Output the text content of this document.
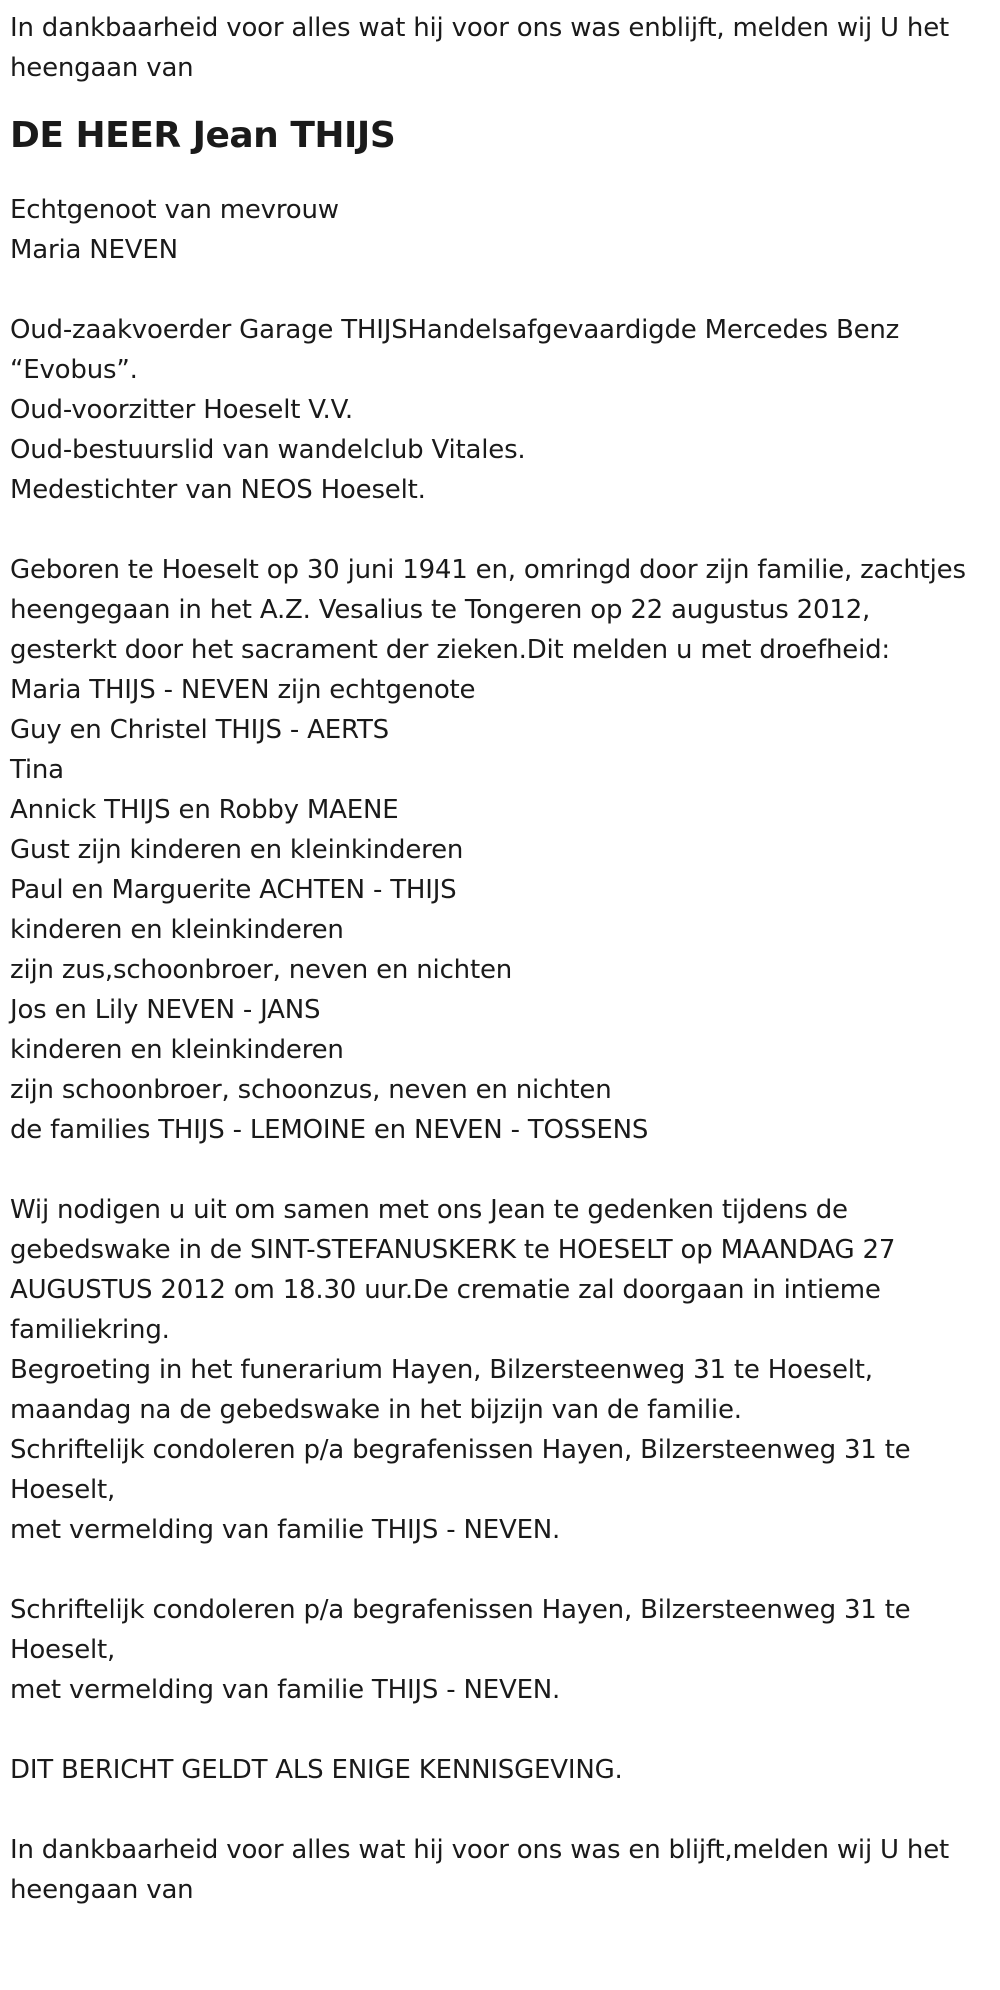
In dankbaarheid voor alles wat hij voor ons was enblijft, melden wij U het heengaan van

DE HEER Jean THIJS

Echtgenoot van mevrouw
Maria NEVEN

Oud-zaakvoerder Garage THIJSHandelsafgevaardigde Mercedes Benz “Evobus”.
Oud-voorzitter Hoeselt V.V.
Oud-bestuurslid van wandelclub Vitales.
Medestichter van NEOS Hoeselt.

Geboren te Hoeselt op 30 juni 1941 en, omringd door zijn familie, zachtjes heengegaan in het A.Z. Vesalius te Tongeren op 22 augustus 2012, gesterkt door het sacrament der zieken.Dit melden u met droefheid:

Maria THIJS - NEVEN zijn echtgenote
Guy en Christel THIJS - AERTS
Tina
Annick THIJS en Robby MAENE
Gust zijn kinderen en kleinkinderen
Paul en Marguerite ACHTEN - THIJS
kinderen en kleinkinderen
zijn zus,schoonbroer, neven en nichten
Jos en Lily NEVEN - JANS
kinderen en kleinkinderen
zijn schoonbroer, schoonzus, neven en nichten
de families THIJS - LEMOINE en NEVEN - TOSSENS

Wij nodigen u uit om samen met ons Jean te gedenken tijdens de gebedswake in de SINT-STEFANUSKERK te HOESELT op MAANDAG 27 AUGUSTUS 2012 om 18.30 uur.De crematie zal doorgaan in intieme familiekring.

Begroeting in het funerarium Hayen, Bilzersteenweg 31 te Hoeselt, maandag na de gebedswake in het bijzijn van de familie.

Schriftelijk condoleren p/a begrafenissen Hayen, Bilzersteenweg 31 te Hoeselt,
met vermelding van familie THIJS - NEVEN.

Schriftelijk condoleren p/a begrafenissen Hayen, Bilzersteenweg 31 te Hoeselt,
met vermelding van familie THIJS - NEVEN.

DIT BERICHT GELDT ALS ENIGE KENNISGEVING.

In dankbaarheid voor alles wat hij voor ons was en blijft,melden wij U het heengaan van
